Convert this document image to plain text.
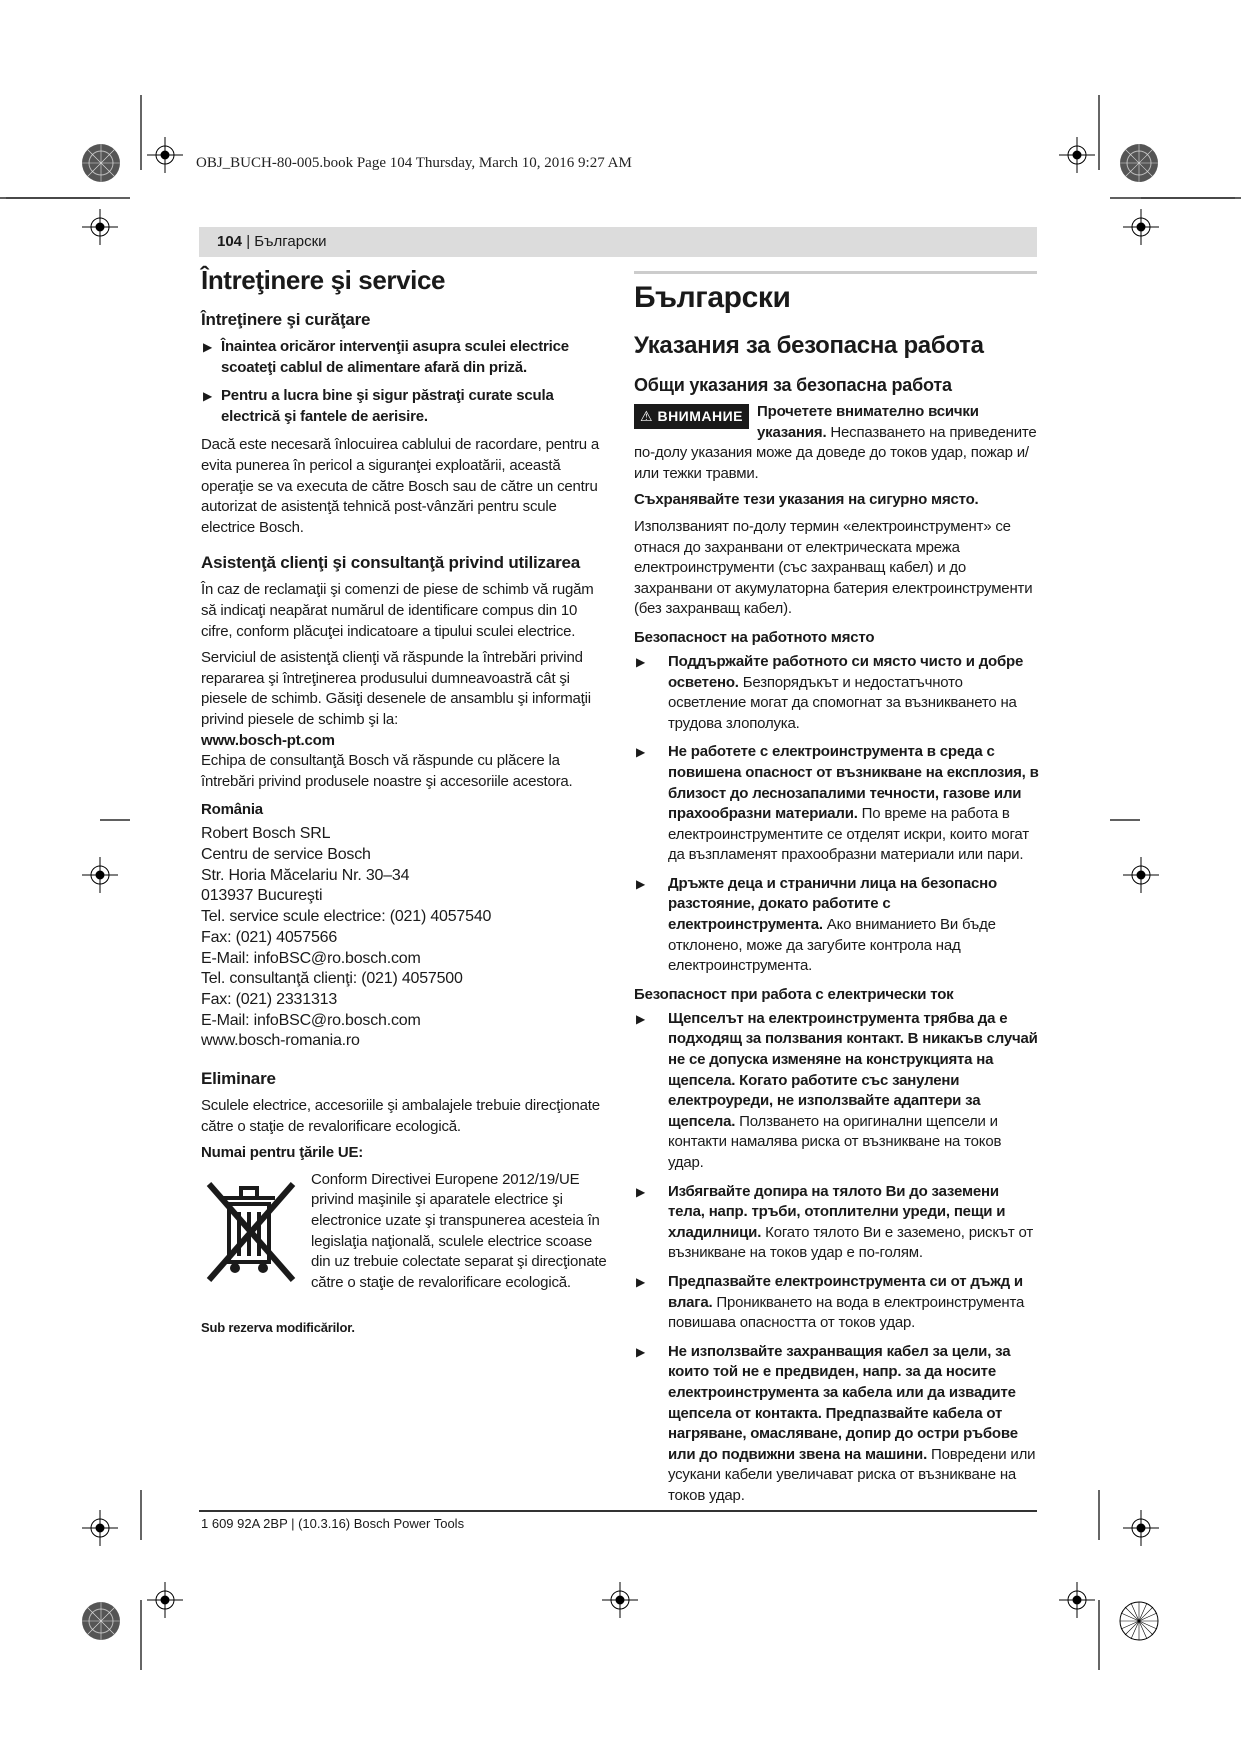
OBJ_BUCH-80-005.book Page 104 Thursday, March 10, 2016 9:27 AM
104 | Български
Întreţinere şi service
Întreţinere şi curăţare
▶ Înaintea oricăror intervenţii asupra sculei electrice scoateţi cablul de alimentare afară din priză.
▶ Pentru a lucra bine şi sigur păstraţi curate scula electrică şi fantele de aerisire.

Dacă este necesară înlocuirea cablului de racordare, pentru a evita punerea în pericol a siguranţei exploatării, această operaţie se va executa de către Bosch sau de către un centru autorizat de asistenţă tehnică post-vânzări pentru scule electrice Bosch.

Asistenţă clienţi şi consultanţă privind utilizarea

În caz de reclamaţii şi comenzi de piese de schimb vă rugăm să indicaţi neapărat numărul de identificare compus din 10 cifre, conform plăcuţei indicatoare a tipului sculei electrice.

Serviciul de asistenţă clienţi vă răspunde la întrebări privind repararea şi întreţinerea produsului dumneavoastră cât şi piesele de schimb. Găsiţi desenele de ansamblu şi informaţii privind piesele de schimb şi la:

www.bosch-pt.com

Echipa de consultanţă Bosch vă răspunde cu plăcere la întrebări privind produsele noastre şi accesoriile acestora.

România

Robert Bosch SRL

Centru de service Bosch

Str. Horia Măcelariu Nr. 30–34

013937 Bucureşti

Tel. service scule electrice: (021) 4057540

Fax: (021) 4057566

E-Mail: infoBSC@ro.bosch.com

Tel. consultanţă clienţi: (021) 4057500

Fax: (021) 2331313

E-Mail: infoBSC@ro.bosch.com

www.bosch-romania.ro

Eliminare

Sculele electrice, accesoriile şi ambalajele trebuie direcţionate către o staţie de revalorificare ecologică.

Numai pentru ţările UE:

Conform Directivei Europene 2012/19/UE privind maşinile şi aparatele electrice şi electronice uzate şi transpunerea acesteia în legislaţia naţională, sculele electrice scoase din uz trebuie colectate separat şi direcţionate către o staţie de revalorificare ecologică.

Sub rezerva modificărilor.

Български
Указания за безопасна работа
Общи указания за безопасна работа

⚠ ВНИМАНИЕ Прочетете внимателно всички указания. Неспазването на приведените по-долу указания може да доведе до токов удар, пожар и/или тежки травми.

Съхранявайте тези указания на сигурно място.

Използваният по-долу термин «електроинструмент» се отнася до захранвани от електрическата мрежа електроинструменти (със захранващ кабел) и до захранвани от акумулаторна батерия електроинструменти (без захранващ кабел).

Безопасност на работното място
▶ Поддържайте работното си място чисто и добре осветено. Безпорядъкът и недостатъчното осветление могат да спомогнат за възникването на трудова злополука.
▶ Не работете с електроинструмента в среда с повишена опасност от възникване на експлозия, в близост до леснозапалими течности, газове или прахообразни материали. По време на работа в електроинструментите се отделят искри, които могат да възпламенят прахообразни материали или пари.
▶ Дръжте деца и странични лица на безопасно разстояние, докато работите с електроинструмента. Ако вниманието Ви бъде отклонено, може да загубите контрола над електроинструмента.
Безопасност при работа с електрически ток
▶ Щепселът на електроинструмента трябва да е подходящ за ползвания контакт. В никакъв случай не се допуска изменяне на конструкцията на щепсела. Когато работите със занулени електроуреди, не използвайте адаптери за щепсела. Ползването на оригинални щепсели и контакти намалява риска от възникване на токов удар.
▶ Избягвайте допира на тялото Ви до заземени тела, напр. тръби, отоплителни уреди, пещи и хладилници. Когато тялото Ви е заземено, рискът от възникване на токов удар е по-голям.
▶ Предпазвайте електроинструмента си от дъжд и влага. Проникването на вода в електроинструмента повишава опасността от токов удар.
▶ Не използвайте захранващия кабел за цели, за които той не е предвиден, напр. за да носите електроинструмента за кабела или да извадите щепсела от контакта. Предпазвайте кабела от нагряване, омасляване, допир до остри ръбове или до подвижни звена на машини. Повредени или усукани кабели увеличават риска от възникване на токов удар.
1 609 92A 2BP | (10.3.16) Bosch Power Tools
